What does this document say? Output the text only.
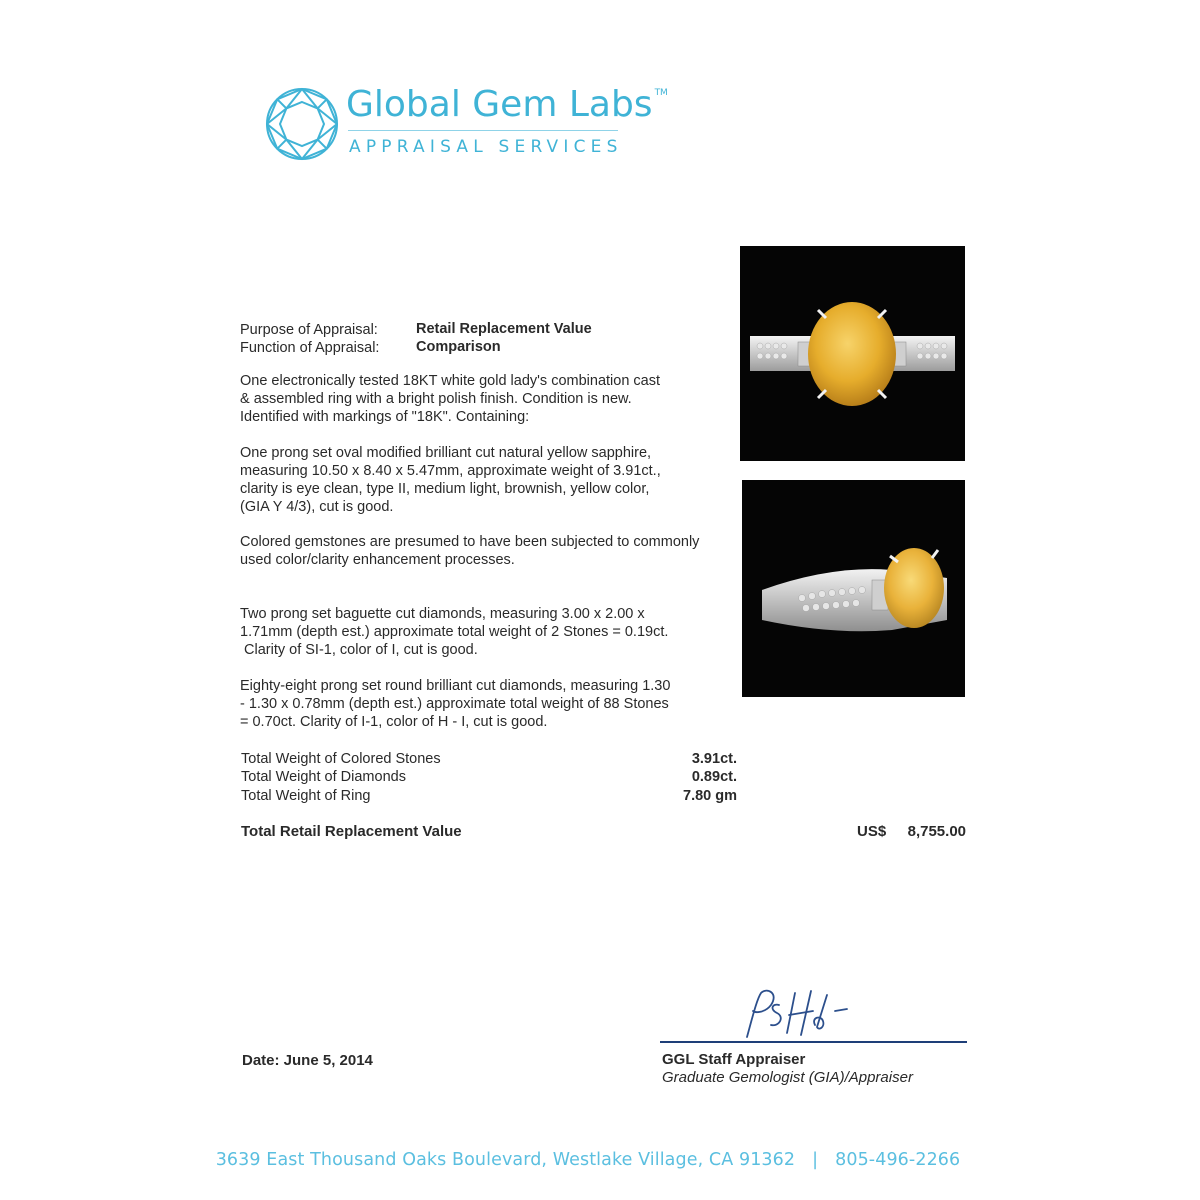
Global Gem Labs ™
APPRAISAL SERVICES
Purpose of Appraisal:	Retail Replacement Value
Function of Appraisal:	Comparison
One electronically tested 18KT white gold lady's combination cast
& assembled ring with a bright polish finish. Condition is new.
Identified with markings of "18K". Containing:
One prong set oval modified brilliant cut natural yellow sapphire,
measuring 10.50 x 8.40 x 5.47mm, approximate weight of 3.91ct.,
clarity is eye clean, type II, medium light, brownish, yellow color,
(GIA Y 4/3), cut is good.
Colored gemstones are presumed to have been subjected to commonly
used color/clarity enhancement processes.
Two prong set baguette cut diamonds, measuring 3.00 x 2.00 x
1.71mm (depth est.) approximate total weight of 2 Stones = 0.19ct.
Clarity of SI-1, color of I, cut is good.
Eighty-eight prong set round brilliant cut diamonds, measuring 1.30
- 1.30 x 0.78mm (depth est.) approximate total weight of 88 Stones
= 0.70ct. Clarity of I-1, color of H - I, cut is good.
Total Weight of Colored Stones	3.91ct.
Total Weight of Diamonds	0.89ct.
Total Weight of Ring	7.80 gm
Total Retail Replacement Value	US$ 8,755.00
Date: June 5, 2014	GGL Staff Appraiser
Graduate Gemologist (GIA)/Appraiser
3639 East Thousand Oaks Boulevard, Westlake Village, CA 91362   |   805-496-2266
